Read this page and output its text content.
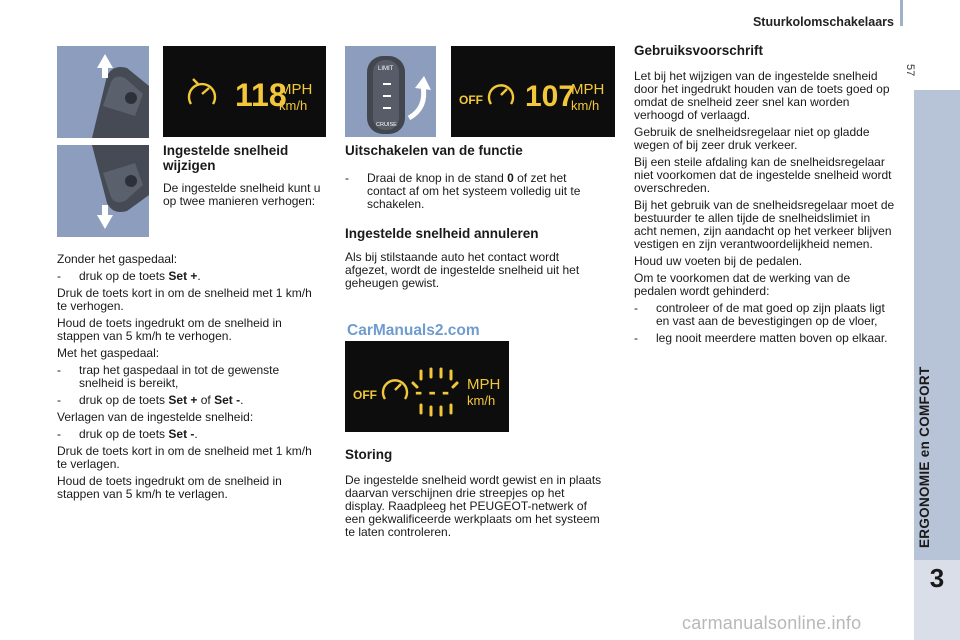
Stuurkolomschakelaars
57
ERGONOMIE en COMFORT
3
118
MPH
km/h
LIMIT
CRUISE
OFF 107
MPH
km/h
Ingestelde snelheid wijzigen
De ingestelde snelheid kunt u op twee manieren verhogen:

Zonder het gaspedaal:

-	druk op de toets Set +.

Druk de toets kort in om de snelheid met 1 km/h te verhogen.

Houd de toets ingedrukt om de snelheid in stappen van 5 km/h te verhogen.

Met het gaspedaal:

-	trap het gaspedaal in tot de gewenste snelheid is bereikt,
-	druk op de toets Set + of Set -.

Verlagen van de ingestelde snelheid:

-	druk op de toets Set -.

Druk de toets kort in om de snelheid met 1 km/h te verlagen.

Houd de toets ingedrukt om de snelheid in stappen van 5 km/h te verlagen.

Uitschakelen van de functie
-	Draai de knop in de stand 0 of zet het contact af om het systeem volledig uit te schakelen.
Ingestelde snelheid annuleren
Als bij stilstaande auto het contact wordt afgezet, wordt de ingestelde snelheid uit het geheugen gewist.
CarManuals2.com
OFF - - - MPH
km/h
Storing
De ingestelde snelheid wordt gewist en in plaats daarvan verschijnen drie streepjes op het display. Raadpleeg het PEUGEOT-netwerk of een gekwalificeerde werkplaats om het systeem te laten controleren.
Gebruiksvoorschrift

Let bij het wijzigen van de ingestelde snelheid door het ingedrukt houden van de toets goed op omdat de snelheid zeer snel kan worden verhoogd of verlaagd.

Gebruik de snelheidsregelaar niet op gladde wegen of bij zeer druk verkeer.

Bij een steile afdaling kan de snelheidsregelaar niet voorkomen dat de ingestelde snelheid wordt overschreden.

Bij het gebruik van de snelheidsregelaar moet de bestuurder te allen tijde de snelheidslimiet in acht nemen, zijn aandacht op het verkeer blijven vestigen en zijn verantwoordelijkheid nemen.

Houd uw voeten bij de pedalen.

Om te voorkomen dat de werking van de pedalen wordt gehinderd:

-	controleer of de mat goed op zijn plaats ligt en vast aan de bevestigingen op de vloer,
-	leg nooit meerdere matten boven op elkaar.
carmanualsonline.info
